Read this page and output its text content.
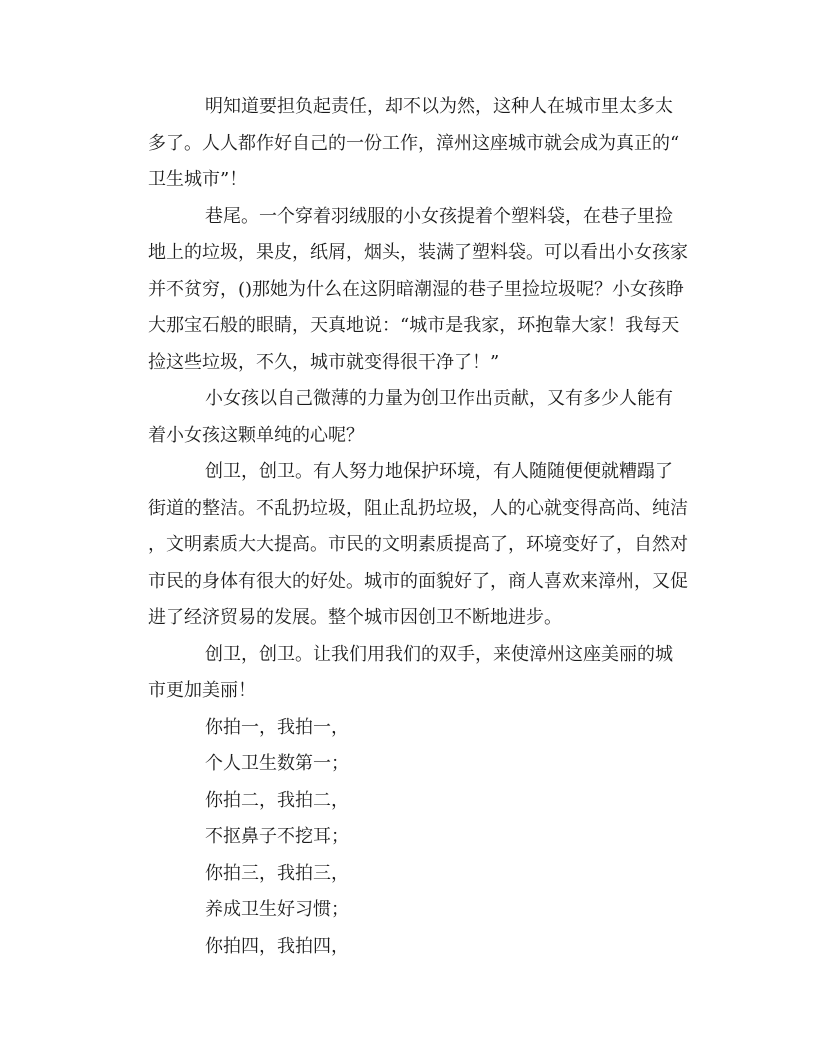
明知道要担负起责任，却不以为然，这种人在城市里太多太
多了。人人都作好自己的一份工作，漳州这座城市就会成为真正的“
卫生城市”！
巷尾。一个穿着羽绒服的小女孩提着个塑料袋，在巷子里捡
地上的垃圾，果皮，纸屑，烟头，装满了塑料袋。可以看出小女孩家
并不贫穷，()那她为什么在这阴暗潮湿的巷子里捡垃圾呢？小女孩睁
大那宝石般的眼睛，天真地说：“城市是我家，环抱靠大家！我每天
捡这些垃圾，不久，城市就变得很干净了！”
小女孩以自己微薄的力量为创卫作出贡献，又有多少人能有
着小女孩这颗单纯的心呢？
创卫，创卫。有人努力地保护环境，有人随随便便就糟蹋了
街道的整洁。不乱扔垃圾，阻止乱扔垃圾，人的心就变得高尚、纯洁
，文明素质大大提高。市民的文明素质提高了，环境变好了，自然对
市民的身体有很大的好处。城市的面貌好了，商人喜欢来漳州，又促
进了经济贸易的发展。整个城市因创卫不断地进步。
创卫，创卫。让我们用我们的双手，来使漳州这座美丽的城
市更加美丽！
你拍一，我拍一，
个人卫生数第一；
你拍二，我拍二，
不抠鼻子不挖耳；
你拍三，我拍三，
养成卫生好习惯；
你拍四，我拍四，
